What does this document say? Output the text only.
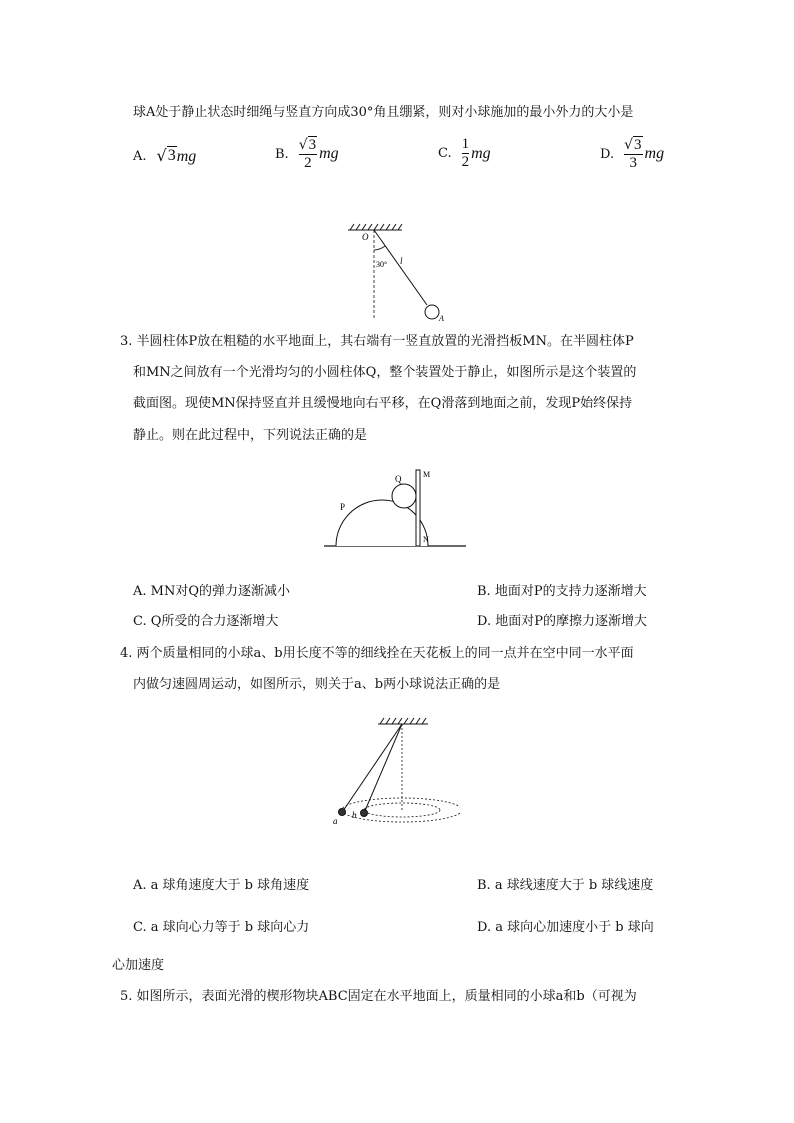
球A处于静止状态时细绳与竖直方向成30°角且绷紧，则对小球施加的最小外力的大小是
A. √ 3 mg	B. $\frac{√ 3}{2}$ mg	C. $\frac{1}{2}$ mg	D. $\frac{√ 3}{3}$ mg
O
30° l
A
3. 半圆柱体P放在粗糙的水平地面上，其右端有一竖直放置的光滑挡板MN。在半圆柱体P
和MN之间放有一个光滑均匀的小圆柱体Q，整个装置处于静止，如图所示是这个装置的
截面图。现使MN保持竖直并且缓慢地向右平移，在Q滑落到地面之前，发现P始终保持
静止。则在此过程中，下列说法正确的是
P
Q	M
N
A. MN对Q的弹力逐渐减小	B. 地面对P的支持力逐渐增大
C. Q所受的合力逐渐增大	D. 地面对P的摩擦力逐渐增大
4. 两个质量相同的小球a、b用长度不等的细线拴在天花板上的同一点并在空中同一水平面
内做匀速圆周运动，如图所示，则关于a、b两小球说法正确的是
a
b
A. a 球角速度大于 b 球角速度	B. a 球线速度大于 b 球线速度
C. a 球向心力等于 b 球向心力	D. a 球向心加速度小于 b 球向
心加速度
5. 如图所示，表面光滑的楔形物块ABC固定在水平地面上，质量相同的小球a和b（可视为
